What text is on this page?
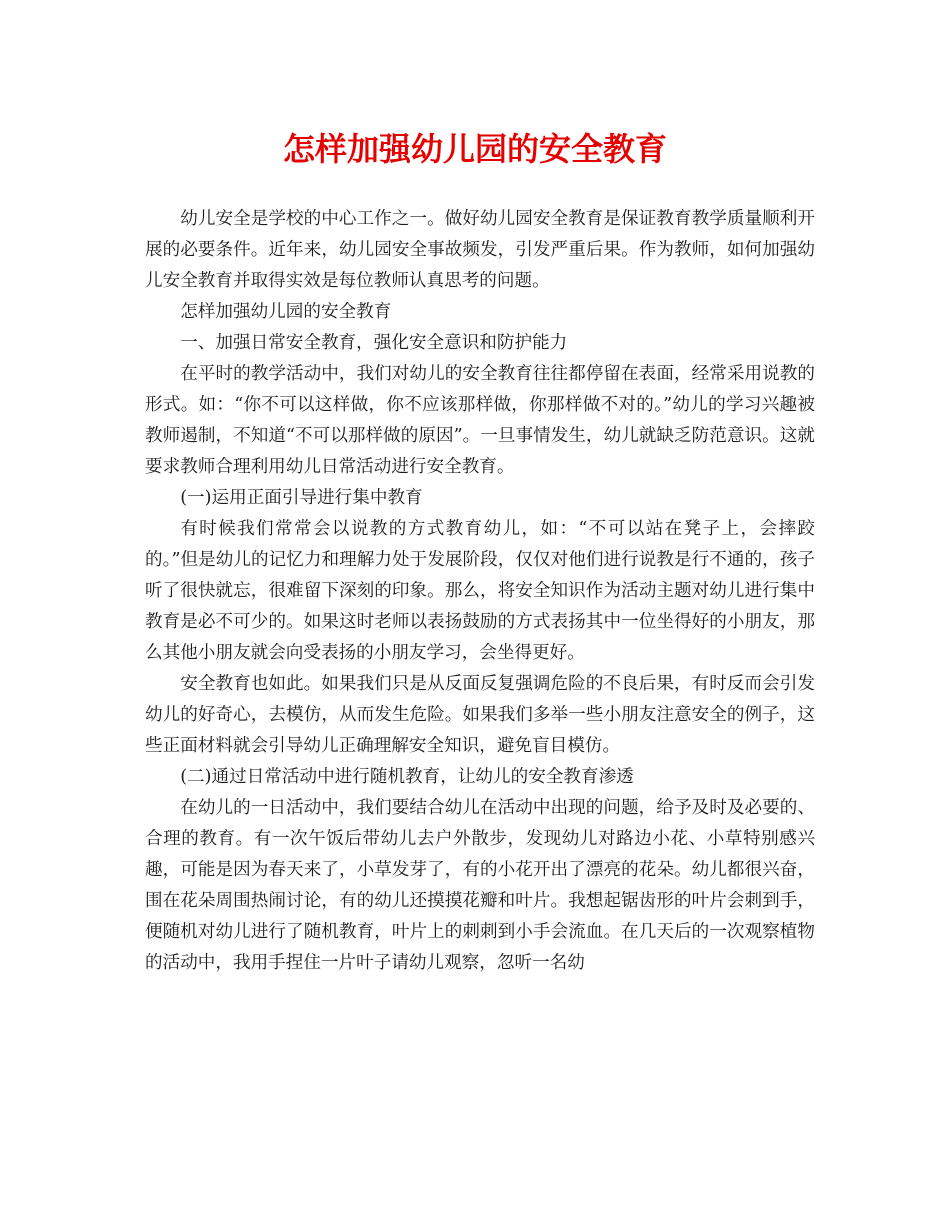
怎样加强幼儿园的安全教育

幼儿安全是学校的中心工作之一。做好幼儿园安全教育是保证教育教学质量顺利开展的必要条件。近年来，幼儿园安全事故频发，引发严重后果。作为教师，如何加强幼儿安全教育并取得实效是每位教师认真思考的问题。

怎样加强幼儿园的安全教育

一、加强日常安全教育，强化安全意识和防护能力

在平时的教学活动中，我们对幼儿的安全教育往往都停留在表面，经常采用说教的形式。如：“你不可以这样做，你不应该那样做，你那样做不对的。”幼儿的学习兴趣被教师遏制，不知道“不可以那样做的原因”。一旦事情发生，幼儿就缺乏防范意识。这就要求教师合理利用幼儿日常活动进行安全教育。

(一)运用正面引导进行集中教育

有时候我们常常会以说教的方式教育幼儿，如：“不可以站在凳子上，会摔跤的。”但是幼儿的记忆力和理解力处于发展阶段，仅仅对他们进行说教是行不通的，孩子听了很快就忘，很难留下深刻的印象。那么，将安全知识作为活动主题对幼儿进行集中教育是必不可少的。如果这时老师以表扬鼓励的方式表扬其中一位坐得好的小朋友，那么其他小朋友就会向受表扬的小朋友学习，会坐得更好。

安全教育也如此。如果我们只是从反面反复强调危险的不良后果，有时反而会引发幼儿的好奇心，去模仿，从而发生危险。如果我们多举一些小朋友注意安全的例子，这些正面材料就会引导幼儿正确理解安全知识，避免盲目模仿。

(二)通过日常活动中进行随机教育，让幼儿的安全教育渗透

在幼儿的一日活动中，我们要结合幼儿在活动中出现的问题，给予及时及必要的、合理的教育。有一次午饭后带幼儿去户外散步，发现幼儿对路边小花、小草特别感兴趣，可能是因为春天来了，小草发芽了，有的小花开出了漂亮的花朵。幼儿都很兴奋，围在花朵周围热闹讨论，有的幼儿还摸摸花瓣和叶片。我想起锯齿形的叶片会刺到手，便随机对幼儿进行了随机教育，叶片上的刺刺到小手会流血。在几天后的一次观察植物的活动中，我用手捏住一片叶子请幼儿观察，忽听一名幼
